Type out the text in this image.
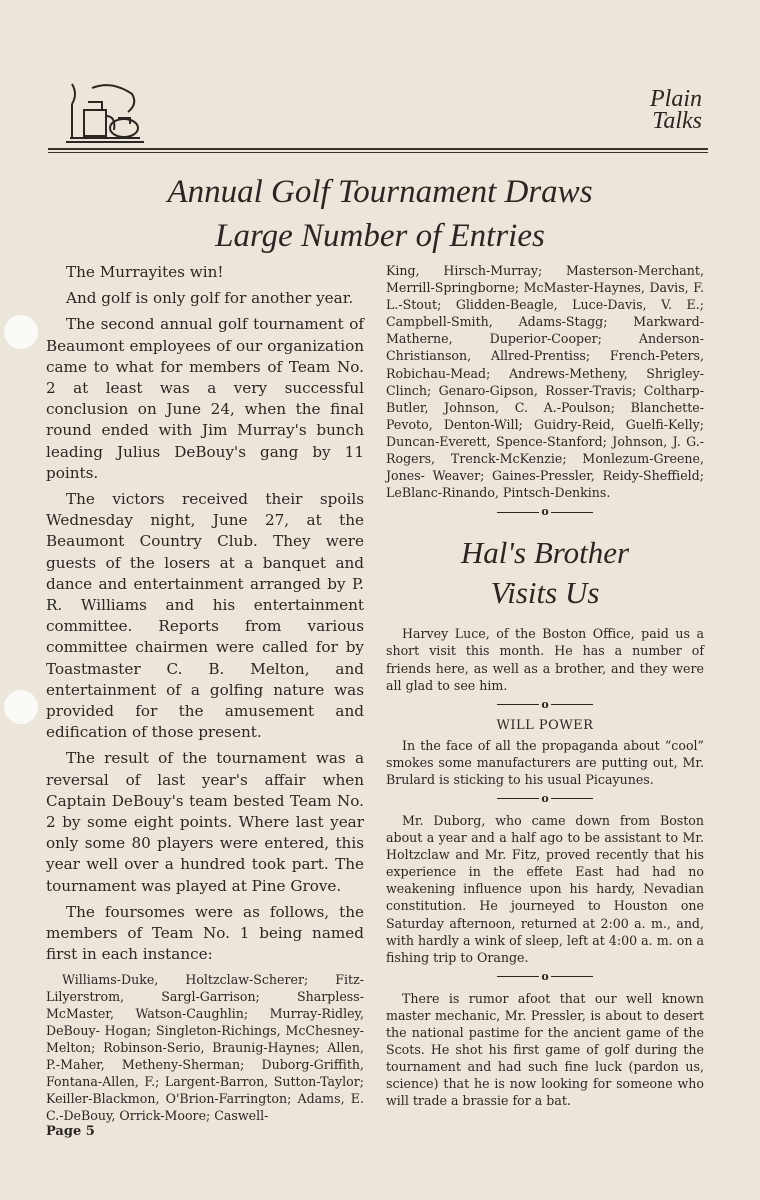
Plain
Talks
Annual Golf Tournament Draws
Large Number of Entries

The Murrayites win!

And golf is only golf for another year.

The second annual golf tournament of Beaumont employees of our organization came to what for members of Team No. 2 at least was a very successful conclusion on June 24, when the final round ended with Jim Murray's bunch leading Julius DeBouy's gang by 11 points.

The victors received their spoils Wednesday night, June 27, at the Beaumont Country Club. They were guests of the losers at a banquet and dance and entertainment arranged by P. R. Williams and his entertainment committee. Reports from various committee chairmen were called for by Toastmaster C. B. Melton, and entertainment of a golfing nature was provided for the amusement and edification of those present.

The result of the tournament was a reversal of last year's affair when Captain DeBouy's team bested Team No. 2 by some eight points. Where last year only some 80 players were entered, this year well over a hundred took part. The tournament was played at Pine Grove.

The foursomes were as follows, the members of Team No. 1 being named first in each instance:

Williams-Duke, Holtzclaw-Scherer; Fitz-Lilyerstrom, Sargl-Garrison; Sharpless-McMaster, Watson-Caughlin; Murray-Ridley, DeBouy- Hogan; Singleton-Richings, McChesney-Melton; Robinson-Serio, Braunig-Haynes; Allen, P.-Maher, Metheny-Sherman; Duborg-Griffith, Fontana-Allen, F.; Largent-Barron, Sutton-Taylor; Keiller-Blackmon, O'Brion-Farrington; Adams, E. C.-DeBouy, Orrick-Moore; Caswell-

King, Hirsch-Murray; Masterson-Merchant, Merrill-Springborne; McMaster-Haynes, Davis, F. L.-Stout; Glidden-Beagle, Luce-Davis, V. E.; Campbell-Smith, Adams-Stagg; Markward-Matherne, Duperior-Cooper; Anderson-Christianson, Allred-Prentiss; French-Peters, Robichau-Mead; Andrews-Metheny, Shrigley-Clinch; Genaro-Gipson, Rosser-Travis; Coltharp-Butler, Johnson, C. A.-Poulson; Blanchette-Pevoto, Denton-Will; Guidry-Reid, Guelfi-Kelly; Duncan-Everett, Spence-Stanford; Johnson, J. G.-Rogers, Trenck-McKenzie; Monlezum-Greene, Jones- Weaver; Gaines-Pressler, Reidy-Sheffield; LeBlanc-Rinando, Pintsch-Denkins.

o
Hal's Brother
Visits Us

Harvey Luce, of the Boston Office, paid us a short visit this month. He has a number of friends here, as well as a brother, and they were all glad to see him.

o
WILL POWER

In the face of all the propaganda about “cool” smokes some manufacturers are putting out, Mr. Brulard is sticking to his usual Picayunes.

o

Mr. Duborg, who came down from Boston about a year and a half ago to be assistant to Mr. Holtzclaw and Mr. Fitz, proved recently that his experience in the effete East had had no weakening influence upon his hardy, Nevadian constitution. He journeyed to Houston one Saturday afternoon, returned at 2:00 a. m., and, with hardly a wink of sleep, left at 4:00 a. m. on a fishing trip to Orange.

o

There is rumor afoot that our well known master mechanic, Mr. Pressler, is about to desert the national pastime for the ancient game of the Scots. He shot his first game of golf during the tournament and had such fine luck (pardon us, science) that he is now looking for someone who will trade a brassie for a bat.

Page 5
